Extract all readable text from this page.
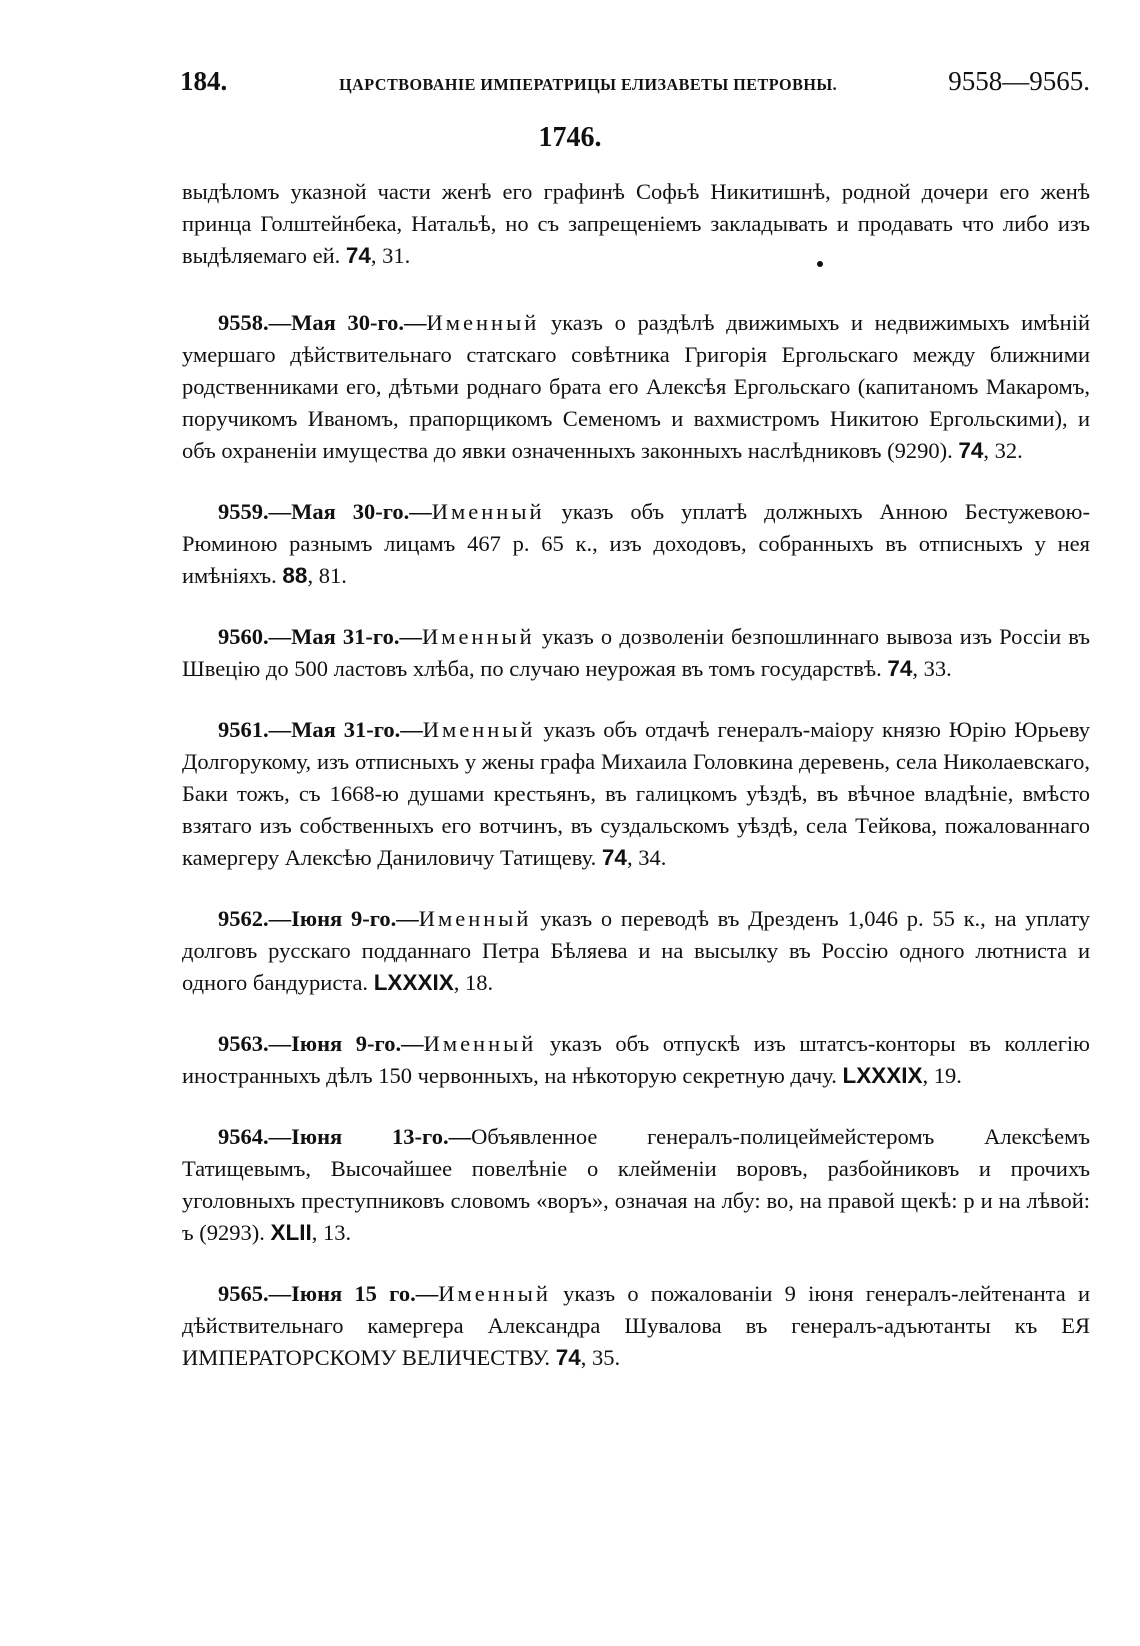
184.	ЦАРСТВОВАНІЕ ИМПЕРАТРИЦЫ ЕЛИЗАВЕТЫ ПЕТРОВНЫ.	9558—9565.
1746.

выдѣломъ указной части женѣ его графинѣ Софьѣ Никитишнѣ, родной дочери его женѣ принца Голштейнбека, Натальѣ, но съ запрещеніемъ закладывать и продавать что либо изъ выдѣляемаго ей. 74, 31.

9558.—Мая 30-го.—Именный указъ о раздѣлѣ движимыхъ и недвижимыхъ имѣній умершаго дѣйствительнаго статскаго совѣтника Григорія Ергольскаго между ближними родственниками его, дѣтьми роднаго брата его Алексѣя Ергольскаго (капитаномъ Макаромъ, поручикомъ Иваномъ, прапорщикомъ Семеномъ и вахмистромъ Никитою Ергольскими), и объ охраненіи имущества до явки означенныхъ законныхъ наслѣдниковъ (9290). 74, 32.

9559.—Мая 30-го.—Именный указъ объ уплатѣ должныхъ Анною Бестужевою-Рюминою разнымъ лицамъ 467 р. 65 к., изъ доходовъ, собранныхъ въ отписныхъ у нея имѣніяхъ. 88, 81.

9560.—Мая 31-го.—Именный указъ о дозволеніи безпошлиннаго вывоза изъ Россіи въ Швецію до 500 ластовъ хлѣба, по случаю неурожая въ томъ государствѣ. 74, 33.

9561.—Мая 31-го.—Именный указъ объ отдачѣ генералъ-маіору князю Юрію Юрьеву Долгорукому, изъ отписныхъ у жены графа Михаила Головкина деревень, села Николаевскаго, Баки тожъ, съ 1668-ю душами крестьянъ, въ галицкомъ уѣздѣ, въ вѣчное владѣніе, вмѣсто взятаго изъ собственныхъ его вотчинъ, въ суздальскомъ уѣздѣ, села Тейкова, пожалованнаго камергеру Алексѣю Даниловичу Татищеву. 74, 34.

9562.—Іюня 9-го.—Именный указъ о переводѣ въ Дрезденъ 1,046 р. 55 к., на уплату долговъ русскаго подданнаго Петра Бѣляева и на высылку въ Россію одного лютниста и одного бандуриста. LXXXIX, 18.

9563.—Іюня 9-го.—Именный указъ объ отпускѣ изъ штатсъ-конторы въ коллегію иностранныхъ дѣлъ 150 червонныхъ, на нѣкоторую секретную дачу. LXXXIX, 19.

9564.—Іюня 13-го.—Объявленное генералъ-полицеймейстеромъ Алексѣемъ Татищевымъ, Высочайшее повелѣніе о клейменіи воровъ, разбойниковъ и прочихъ уголовныхъ преступниковъ словомъ «воръ», означая на лбу: во, на правой щекѣ: р и на лѣвой: ъ (9293). XLII, 13.

9565.—Іюня 15 го.—Именный указъ о пожалованіи 9 іюня генералъ-лейтенанта и дѣйствительнаго камергера Александра Шувалова въ генералъ-адъютанты къ ЕЯ ИМПЕРАТОРСКОМУ ВЕЛИЧЕСТВУ. 74, 35.
